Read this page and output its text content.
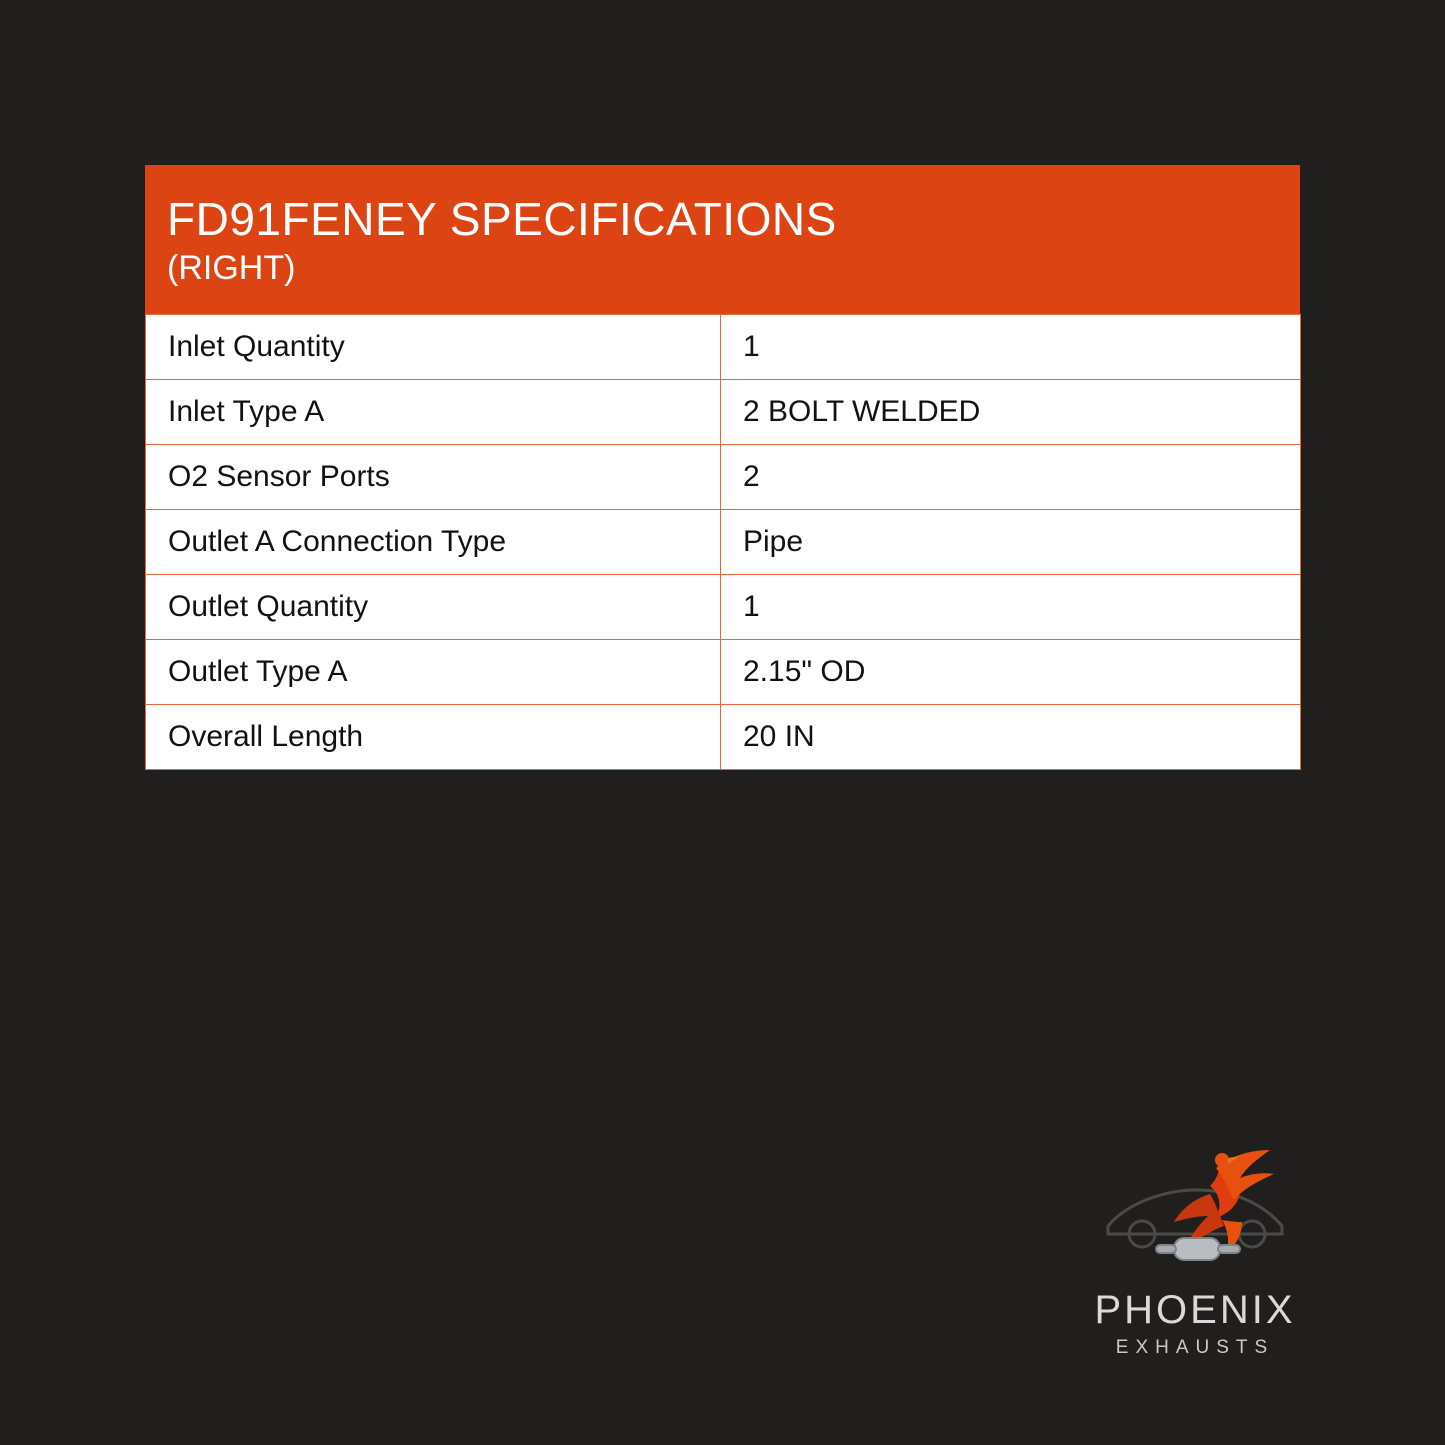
FD91FENEY SPECIFICATIONS
(RIGHT)
Inlet Quantity	1
Inlet Type A	2 BOLT WELDED
O2 Sensor Ports	2
Outlet A Connection Type	Pipe
Outlet Quantity	1
Outlet Type A	2.15" OD
Overall Length	20 IN
PHOENIX
EXHAUSTS
